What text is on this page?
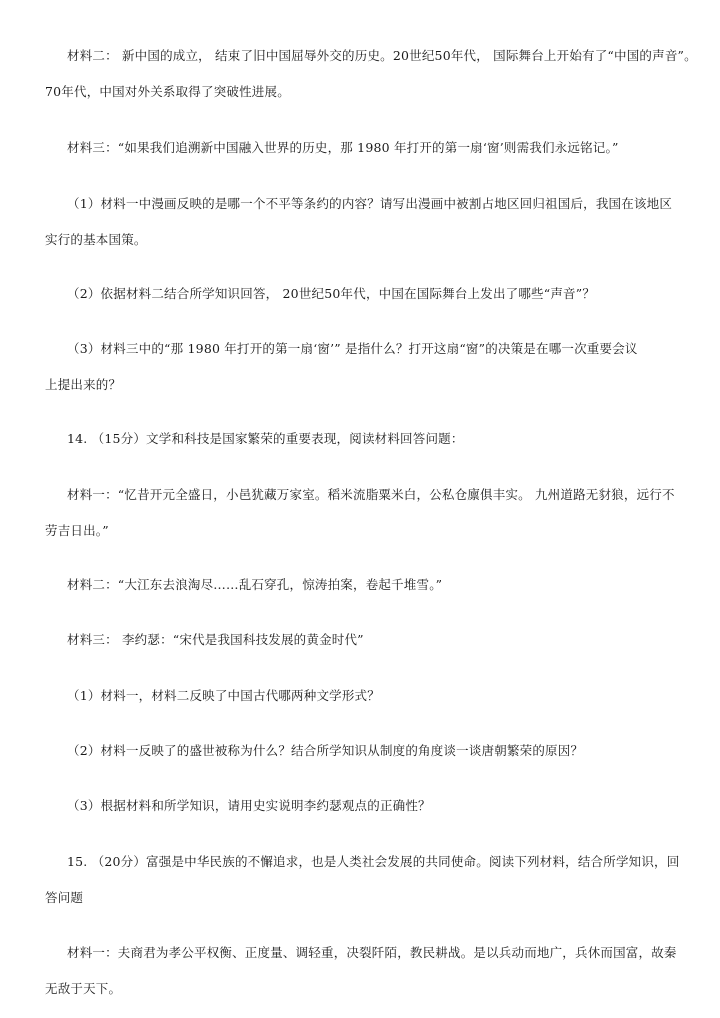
材料二： 新中国的成立， 结束了旧中国屈辱外交的历史。20世纪50年代， 国际舞台上开始有了“中国的声音”。
70年代，中国对外关系取得了突破性进展。
材料三：“如果我们追溯新中国融入世界的历史，那 1980 年打开的第一扇‘窗’则需我们永远铭记。”
（1）材料一中漫画反映的是哪一个不平等条约的内容？请写出漫画中被割占地区回归祖国后，我国在该地区
实行的基本国策。
（2）依据材料二结合所学知识回答， 20世纪50年代，中国在国际舞台上发出了哪些“声音”？
（3）材料三中的“那 1980 年打开的第一扇‘窗’” 是指什么？打开这扇“窗”的决策是在哪一次重要会议
上提出来的？
14. （15分）文学和科技是国家繁荣的重要表现，阅读材料回答问题：
材料一：“忆昔开元全盛日，小邑犹藏万家室。稻米流脂粟米白，公私仓廪俱丰实。 九州道路无豺狼，远行不
劳吉日出。”
材料二：“大江东去浪淘尽……乱石穿孔，惊涛拍案，卷起千堆雪。”
材料三： 李约瑟：“宋代是我国科技发展的黄金时代”
（1）材料一，材料二反映了中国古代哪两种文学形式？
（2）材料一反映了的盛世被称为什么？结合所学知识从制度的角度谈一谈唐朝繁荣的原因？
（3）根据材料和所学知识，请用史实说明李约瑟观点的正确性？
15. （20分）富强是中华民族的不懈追求，也是人类社会发展的共同使命。阅读下列材料，结合所学知识，回
答问题
材料一：夫商君为孝公平权衡、正度量、调轻重，决裂阡陌，教民耕战。是以兵动而地广，兵休而国富，故秦
无敌于天下。
